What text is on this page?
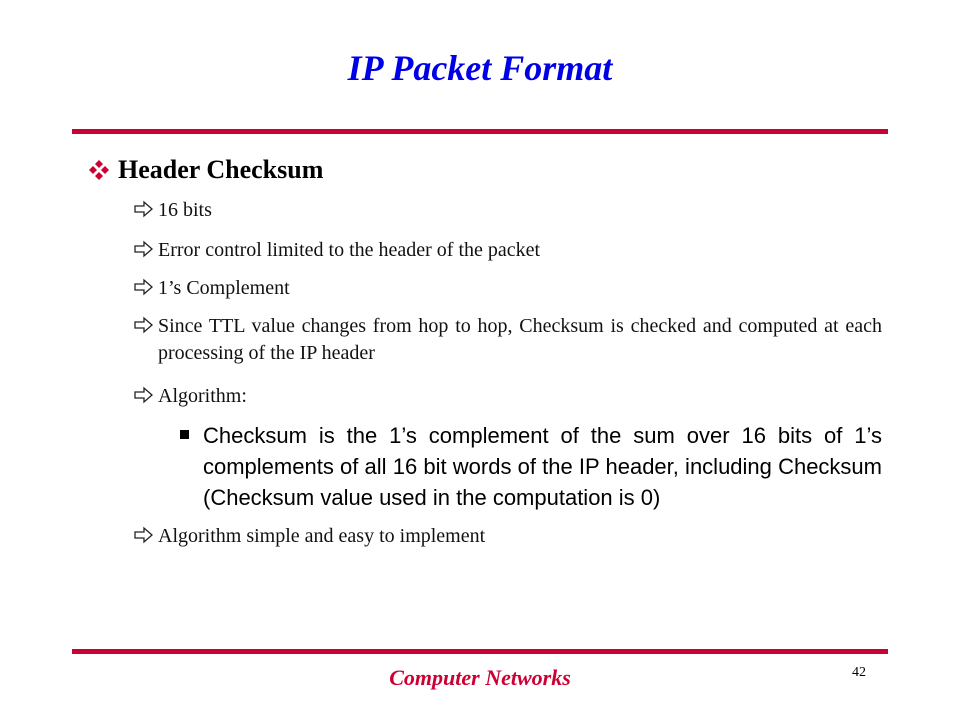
IP Packet Format
Header Checksum
16 bits
Error control limited to the header of the packet
1’s Complement
Since TTL value changes from hop to hop, Checksum is checked and computed at each processing of the IP header
Algorithm:
Checksum is the 1’s complement of the sum over 16 bits of 1’s complements of all 16 bit words of the IP header, including Checksum (Checksum value used in the computation is 0)
Algorithm simple and easy to implement
Computer Networks	42
